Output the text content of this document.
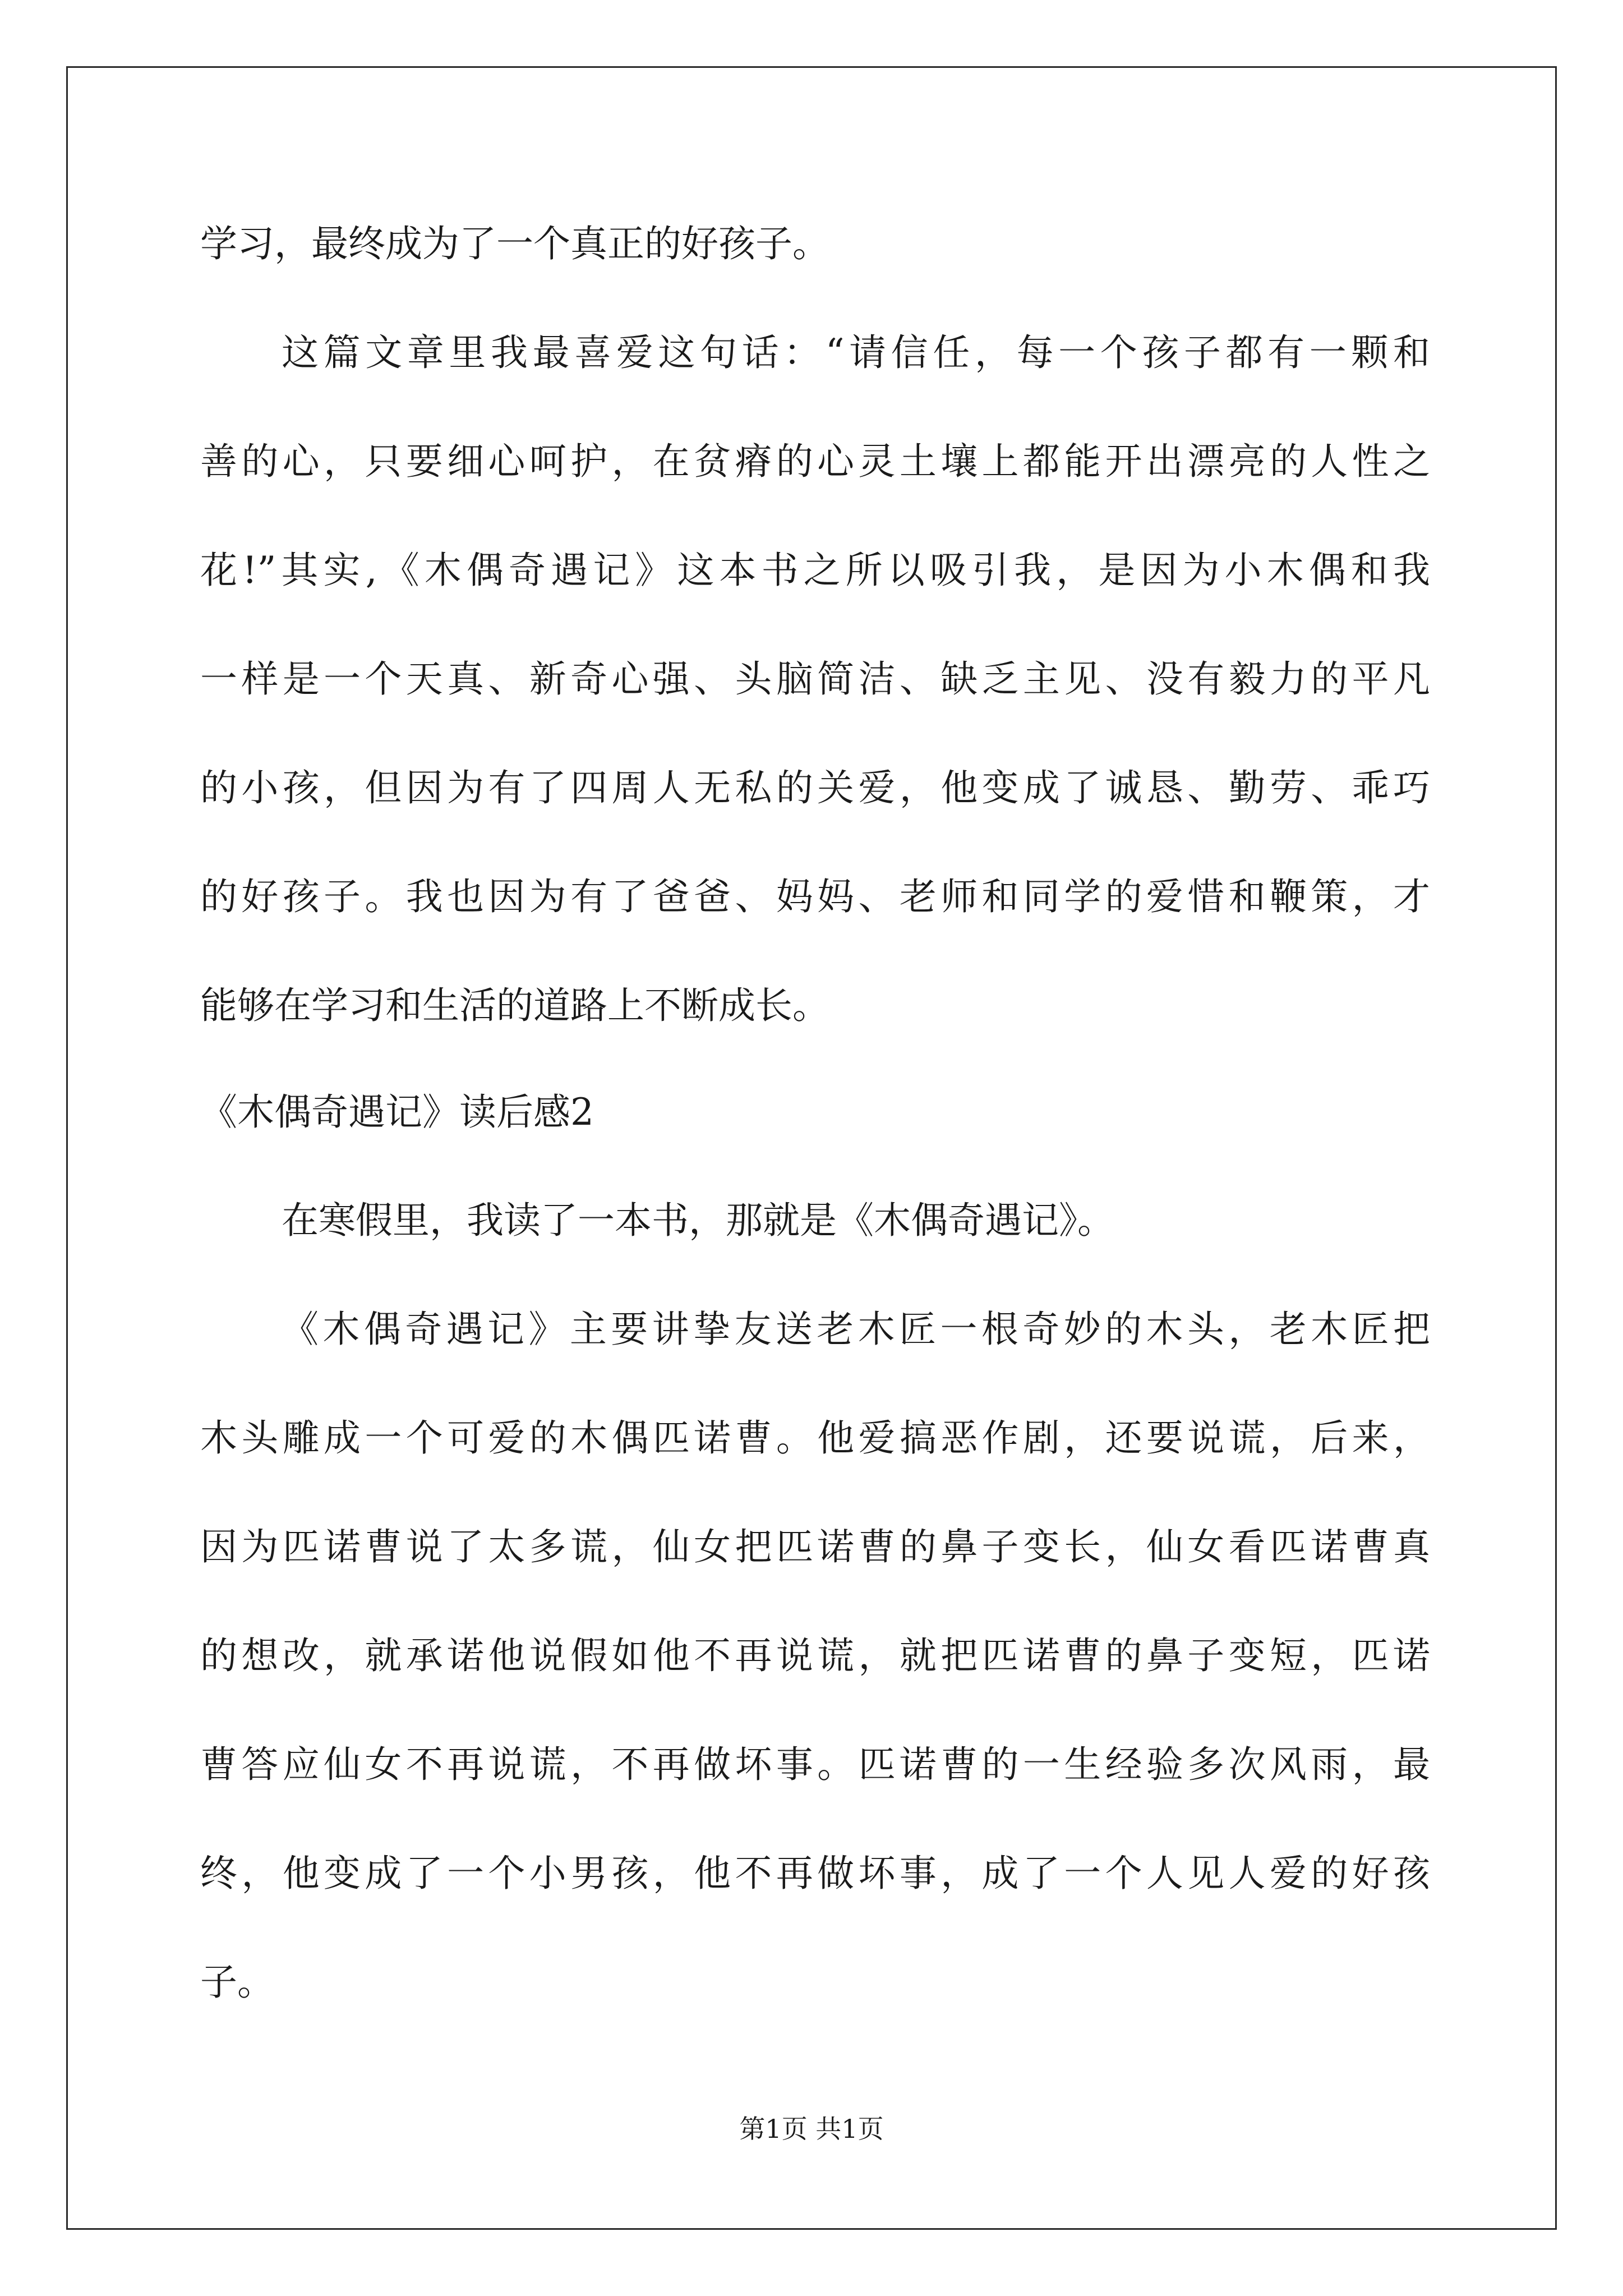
学习，最终成为了一个真正的好孩子。
这篇文章里我最喜爱这句话：“请信任，每一个孩子都有一颗和
善的心，只要细心呵护，在贫瘠的心灵土壤上都能开出漂亮的人性之
花!”其实,《木偶奇遇记》这本书之所以吸引我，是因为小木偶和我
一样是一个天真、新奇心强、头脑简洁、缺乏主见、没有毅力的平凡
的小孩，但因为有了四周人无私的关爱，他变成了诚恳、勤劳、乖巧
的好孩子。我也因为有了爸爸、妈妈、老师和同学的爱惜和鞭策，才
能够在学习和生活的道路上不断成长。
《木偶奇遇记》读后感2
在寒假里，我读了一本书，那就是《木偶奇遇记》。
《木偶奇遇记》主要讲挚友送老木匠一根奇妙的木头，老木匠把
木头雕成一个可爱的木偶匹诺曹。他爱搞恶作剧，还要说谎，后来，
因为匹诺曹说了太多谎，仙女把匹诺曹的鼻子变长，仙女看匹诺曹真
的想改，就承诺他说假如他不再说谎，就把匹诺曹的鼻子变短，匹诺
曹答应仙女不再说谎，不再做坏事。匹诺曹的一生经验多次风雨，最
终，他变成了一个小男孩，他不再做坏事，成了一个人见人爱的好孩
子。
第1页 共1页
